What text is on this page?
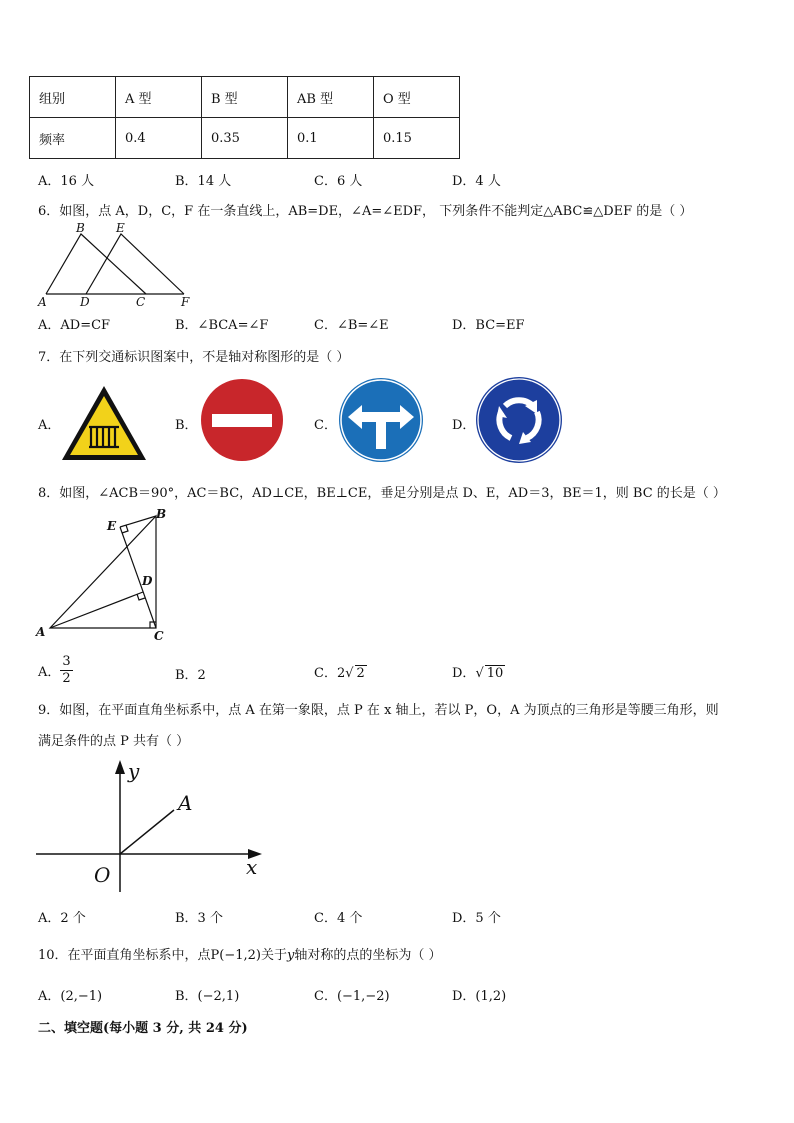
组别	A 型	B 型	AB 型	O 型
频率	0.4	0.35	0.1	0.15
A．16 人	B．14 人	C．6 人	D．4 人
6．如图，点 A，D，C，F 在一条直线上，AB=DE，∠A=∠EDF， 下列条件不能判定△ABC≌△DEF 的是（ ）
B	E
A	D	C	F
A．AD=CF	B．∠BCA=∠F	C．∠B=∠E	D．BC=EF
7．在下列交通标识图案中，不是轴对称图形的是（ ）
A．	B．	C．	D．
8．如图，∠ACB＝90°，AC＝BC，AD⊥CE，BE⊥CE，垂足分别是点 D、E，AD＝3，BE＝1，则 BC 的长是（ ）
E
B
D
A	C
A． $\frac{3}{2}$	B．2	C．2√ 2	D．√ 10
9．如图，在平面直角坐标系中，点 A 在第一象限，点 P 在 x 轴上，若以 P，O，A 为顶点的三角形是等腰三角形，则
满足条件的点 P 共有（ ）
y
A
O	x
A．2 个	B．3 个	C．4 个	D．5 个
10．在平面直角坐标系中，点P(−1,2)关于y轴对称的点的坐标为（ ）
A．(2,−1)	B．(−2,1)	C．(−1,−2)	D．(1,2)
二、填空题(每小题 3 分, 共 24 分)
